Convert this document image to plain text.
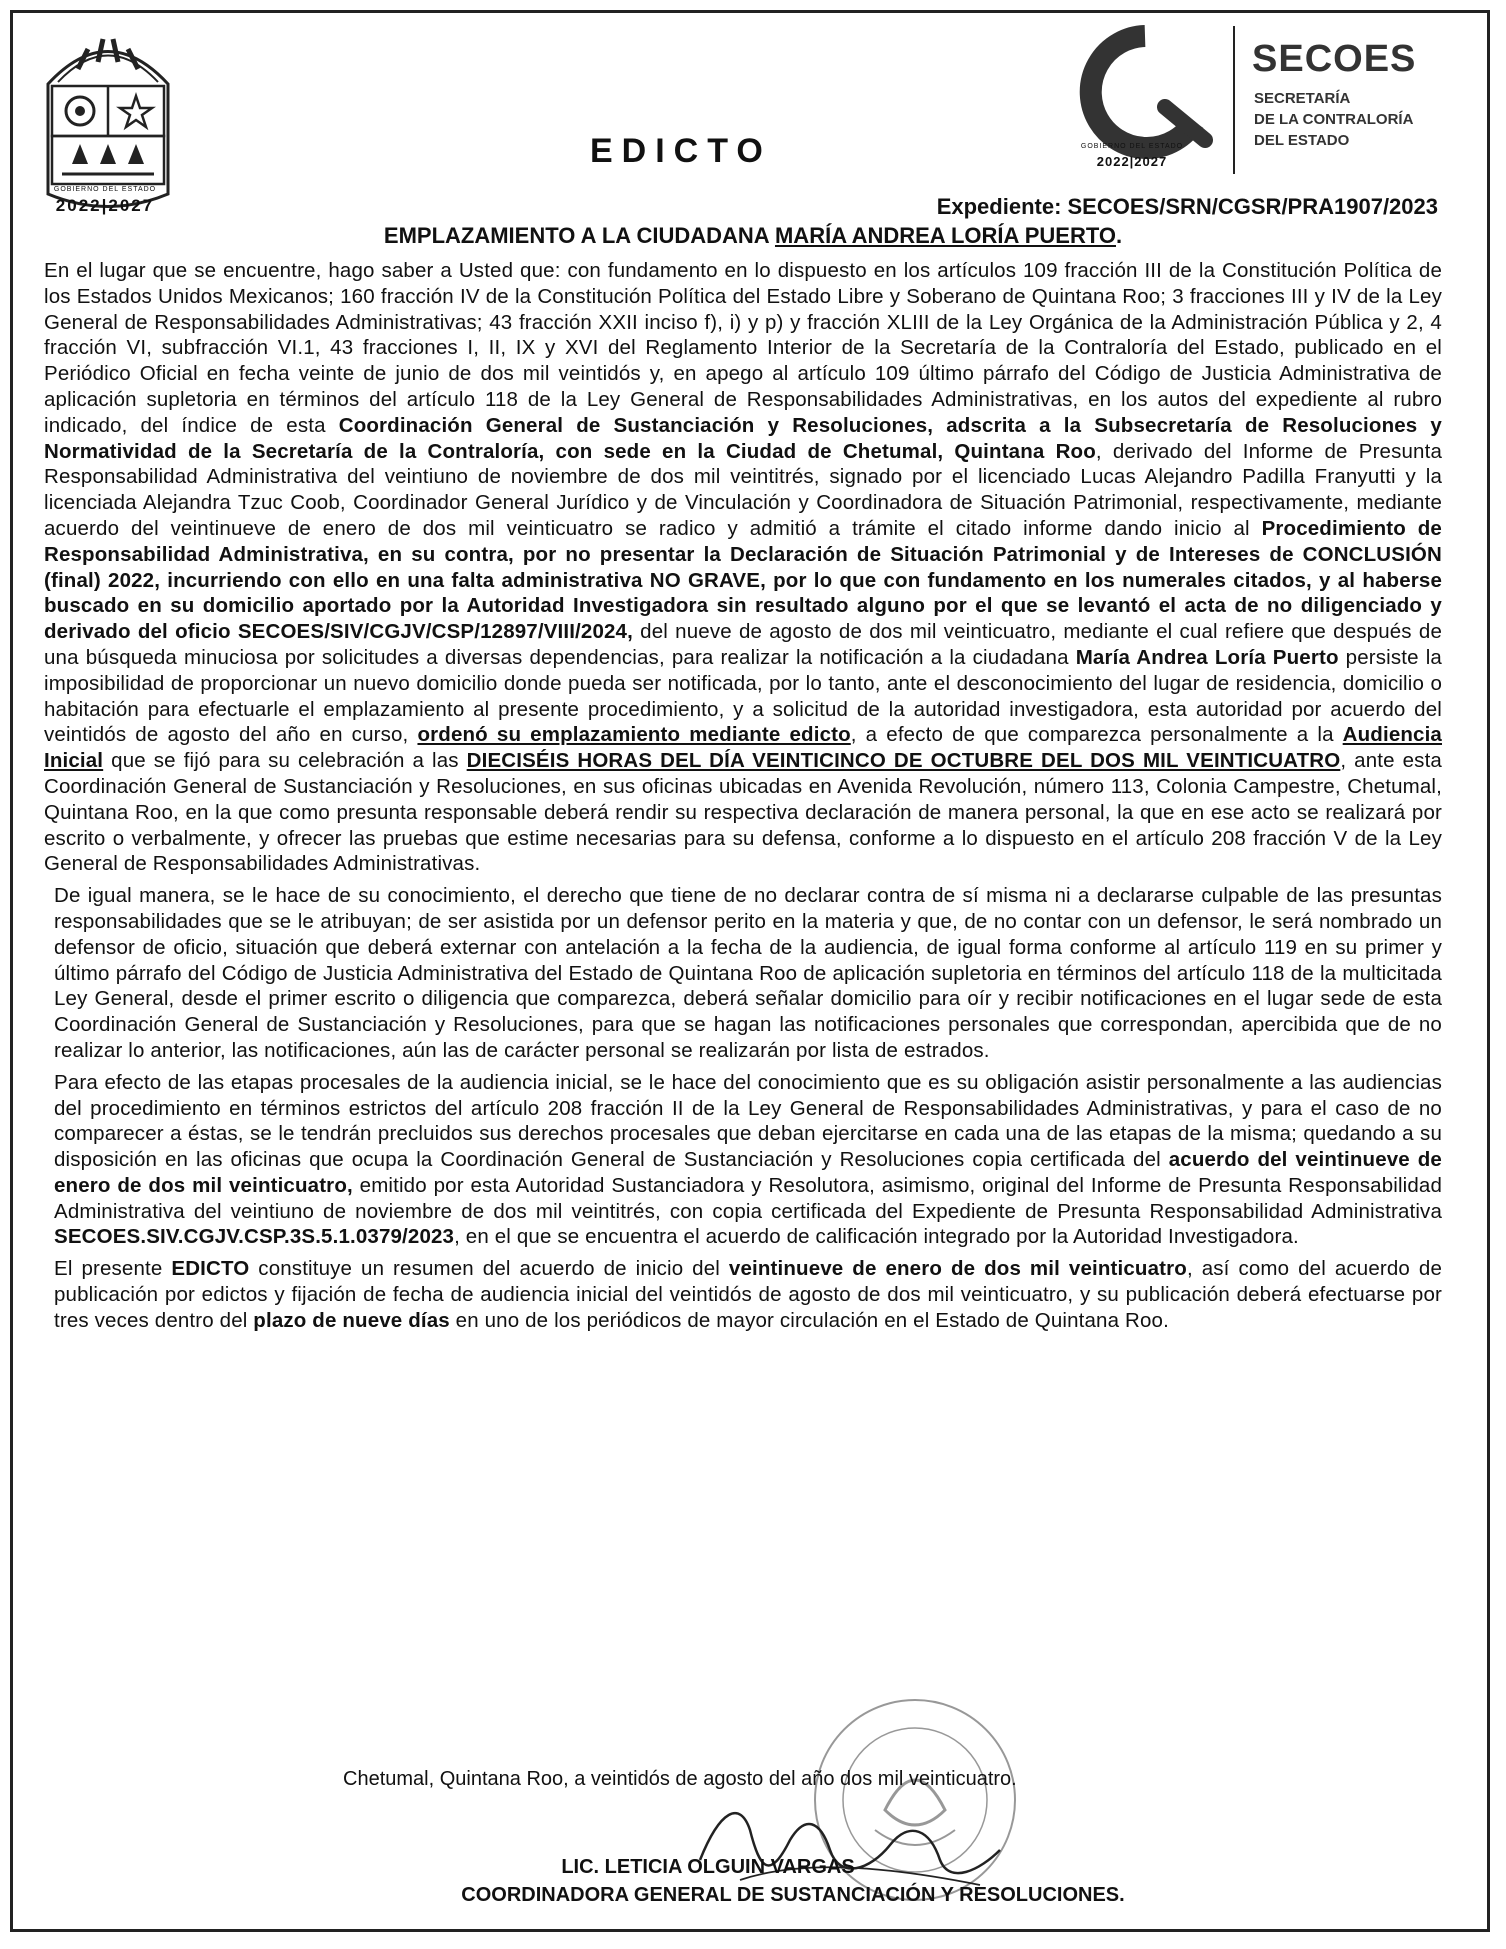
GOBIERNO DEL ESTADO
2022|2027
EDICTO	GOBIERNO DEL ESTADO
2022|2027
SECOES
SECRETARÍA
DE LA CONTRALORÍA
DEL ESTADO
Expediente: SECOES/SRN/CGSR/PRA1907/2023
EMPLAZAMIENTO A LA CIUDADANA MARÍA ANDREA LORÍA PUERTO.

En el lugar que se encuentre, hago saber a Usted que: con fundamento en lo dispuesto en los artículos 109 fracción III de la Constitución Política de los Estados Unidos Mexicanos; 160 fracción IV de la Constitución Política del Estado Libre y Soberano de Quintana Roo; 3 fracciones III y IV de la Ley General de Responsabilidades Administrativas; 43 fracción XXII inciso f), i) y p) y fracción XLIII de la Ley Orgánica de la Administración Pública y 2, 4 fracción VI, subfracción VI.1, 43 fracciones I, II, IX y XVI del Reglamento Interior de la Secretaría de la Contraloría del Estado, publicado en el Periódico Oficial en fecha veinte de junio de dos mil veintidós y, en apego al artículo 109 último párrafo del Código de Justicia Administrativa de aplicación supletoria en términos del artículo 118 de la Ley General de Responsabilidades Administrativas, en los autos del expediente al rubro indicado, del índice de esta Coordinación General de Sustanciación y Resoluciones, adscrita a la Subsecretaría de Resoluciones y Normatividad de la Secretaría de la Contraloría, con sede en la Ciudad de Chetumal, Quintana Roo, derivado del Informe de Presunta Responsabilidad Administrativa del veintiuno de noviembre de dos mil veintitrés, signado por el licenciado Lucas Alejandro Padilla Franyutti y la licenciada Alejandra Tzuc Coob, Coordinador General Jurídico y de Vinculación y Coordinadora de Situación Patrimonial, respectivamente, mediante acuerdo del veintinueve de enero de dos mil veinticuatro se radico y admitió a trámite el citado informe dando inicio al Procedimiento de Responsabilidad Administrativa, en su contra, por no presentar la Declaración de Situación Patrimonial y de Intereses de CONCLUSIÓN (final) 2022, incurriendo con ello en una falta administrativa NO GRAVE, por lo que con fundamento en los numerales citados, y al haberse buscado en su domicilio aportado por la Autoridad Investigadora sin resultado alguno por el que se levantó el acta de no diligenciado y derivado del oficio SECOES/SIV/CGJV/CSP/12897/VIII/2024, del nueve de agosto de dos mil veinticuatro, mediante el cual refiere que después de una búsqueda minuciosa por solicitudes a diversas dependencias, para realizar la notificación a la ciudadana María Andrea Loría Puerto persiste la imposibilidad de proporcionar un nuevo domicilio donde pueda ser notificada, por lo tanto, ante el desconocimiento del lugar de residencia, domicilio o habitación para efectuarle el emplazamiento al presente procedimiento, y a solicitud de la autoridad investigadora, esta autoridad por acuerdo del veintidós de agosto del año en curso, ordenó su emplazamiento mediante edicto, a efecto de que comparezca personalmente a la Audiencia Inicial que se fijó para su celebración a las DIECISÉIS HORAS DEL DÍA VEINTICINCO DE OCTUBRE DEL DOS MIL VEINTICUATRO, ante esta Coordinación General de Sustanciación y Resoluciones, en sus oficinas ubicadas en Avenida Revolución, número 113, Colonia Campestre, Chetumal, Quintana Roo, en la que como presunta responsable deberá rendir su respectiva declaración de manera personal, la que en ese acto se realizará por escrito o verbalmente, y ofrecer las pruebas que estime necesarias para su defensa, conforme a lo dispuesto en el artículo 208 fracción V de la Ley General de Responsabilidades Administrativas.

De igual manera, se le hace de su conocimiento, el derecho que tiene de no declarar contra de sí misma ni a declararse culpable de las presuntas responsabilidades que se le atribuyan; de ser asistida por un defensor perito en la materia y que, de no contar con un defensor, le será nombrado un defensor de oficio, situación que deberá externar con antelación a la fecha de la audiencia, de igual forma conforme al artículo 119 en su primer y último párrafo del Código de Justicia Administrativa del Estado de Quintana Roo de aplicación supletoria en términos del artículo 118 de la multicitada Ley General, desde el primer escrito o diligencia que comparezca, deberá señalar domicilio para oír y recibir notificaciones en el lugar sede de esta Coordinación General de Sustanciación y Resoluciones, para que se hagan las notificaciones personales que correspondan, apercibida que de no realizar lo anterior, las notificaciones, aún las de carácter personal se realizarán por lista de estrados.

Para efecto de las etapas procesales de la audiencia inicial, se le hace del conocimiento que es su obligación asistir personalmente a las audiencias del procedimiento en términos estrictos del artículo 208 fracción II de la Ley General de Responsabilidades Administrativas, y para el caso de no comparecer a éstas, se le tendrán precluidos sus derechos procesales que deban ejercitarse en cada una de las etapas de la misma; quedando a su disposición en las oficinas que ocupa la Coordinación General de Sustanciación y Resoluciones copia certificada del acuerdo del veintinueve de enero de dos mil veinticuatro, emitido por esta Autoridad Sustanciadora y Resolutora, asimismo, original del Informe de Presunta Responsabilidad Administrativa del veintiuno de noviembre de dos mil veintitrés, con copia certificada del Expediente de Presunta Responsabilidad Administrativa SECOES.SIV.CGJV.CSP.3S.5.1.0379/2023, en el que se encuentra el acuerdo de calificación integrado por la Autoridad Investigadora.

El presente EDICTO constituye un resumen del acuerdo de inicio del veintinueve de enero de dos mil veinticuatro, así como del acuerdo de publicación por edictos y fijación de fecha de audiencia inicial del veintidós de agosto de dos mil veinticuatro, y su publicación deberá efectuarse por tres veces dentro del plazo de nueve días en uno de los periódicos de mayor circulación en el Estado de Quintana Roo.

Chetumal, Quintana Roo, a veintidós de agosto del año dos mil veinticuatro.
LIC. LETICIA OLGUIN VARGAS
COORDINADORA GENERAL DE SUSTANCIACIÓN Y RESOLUCIONES.
